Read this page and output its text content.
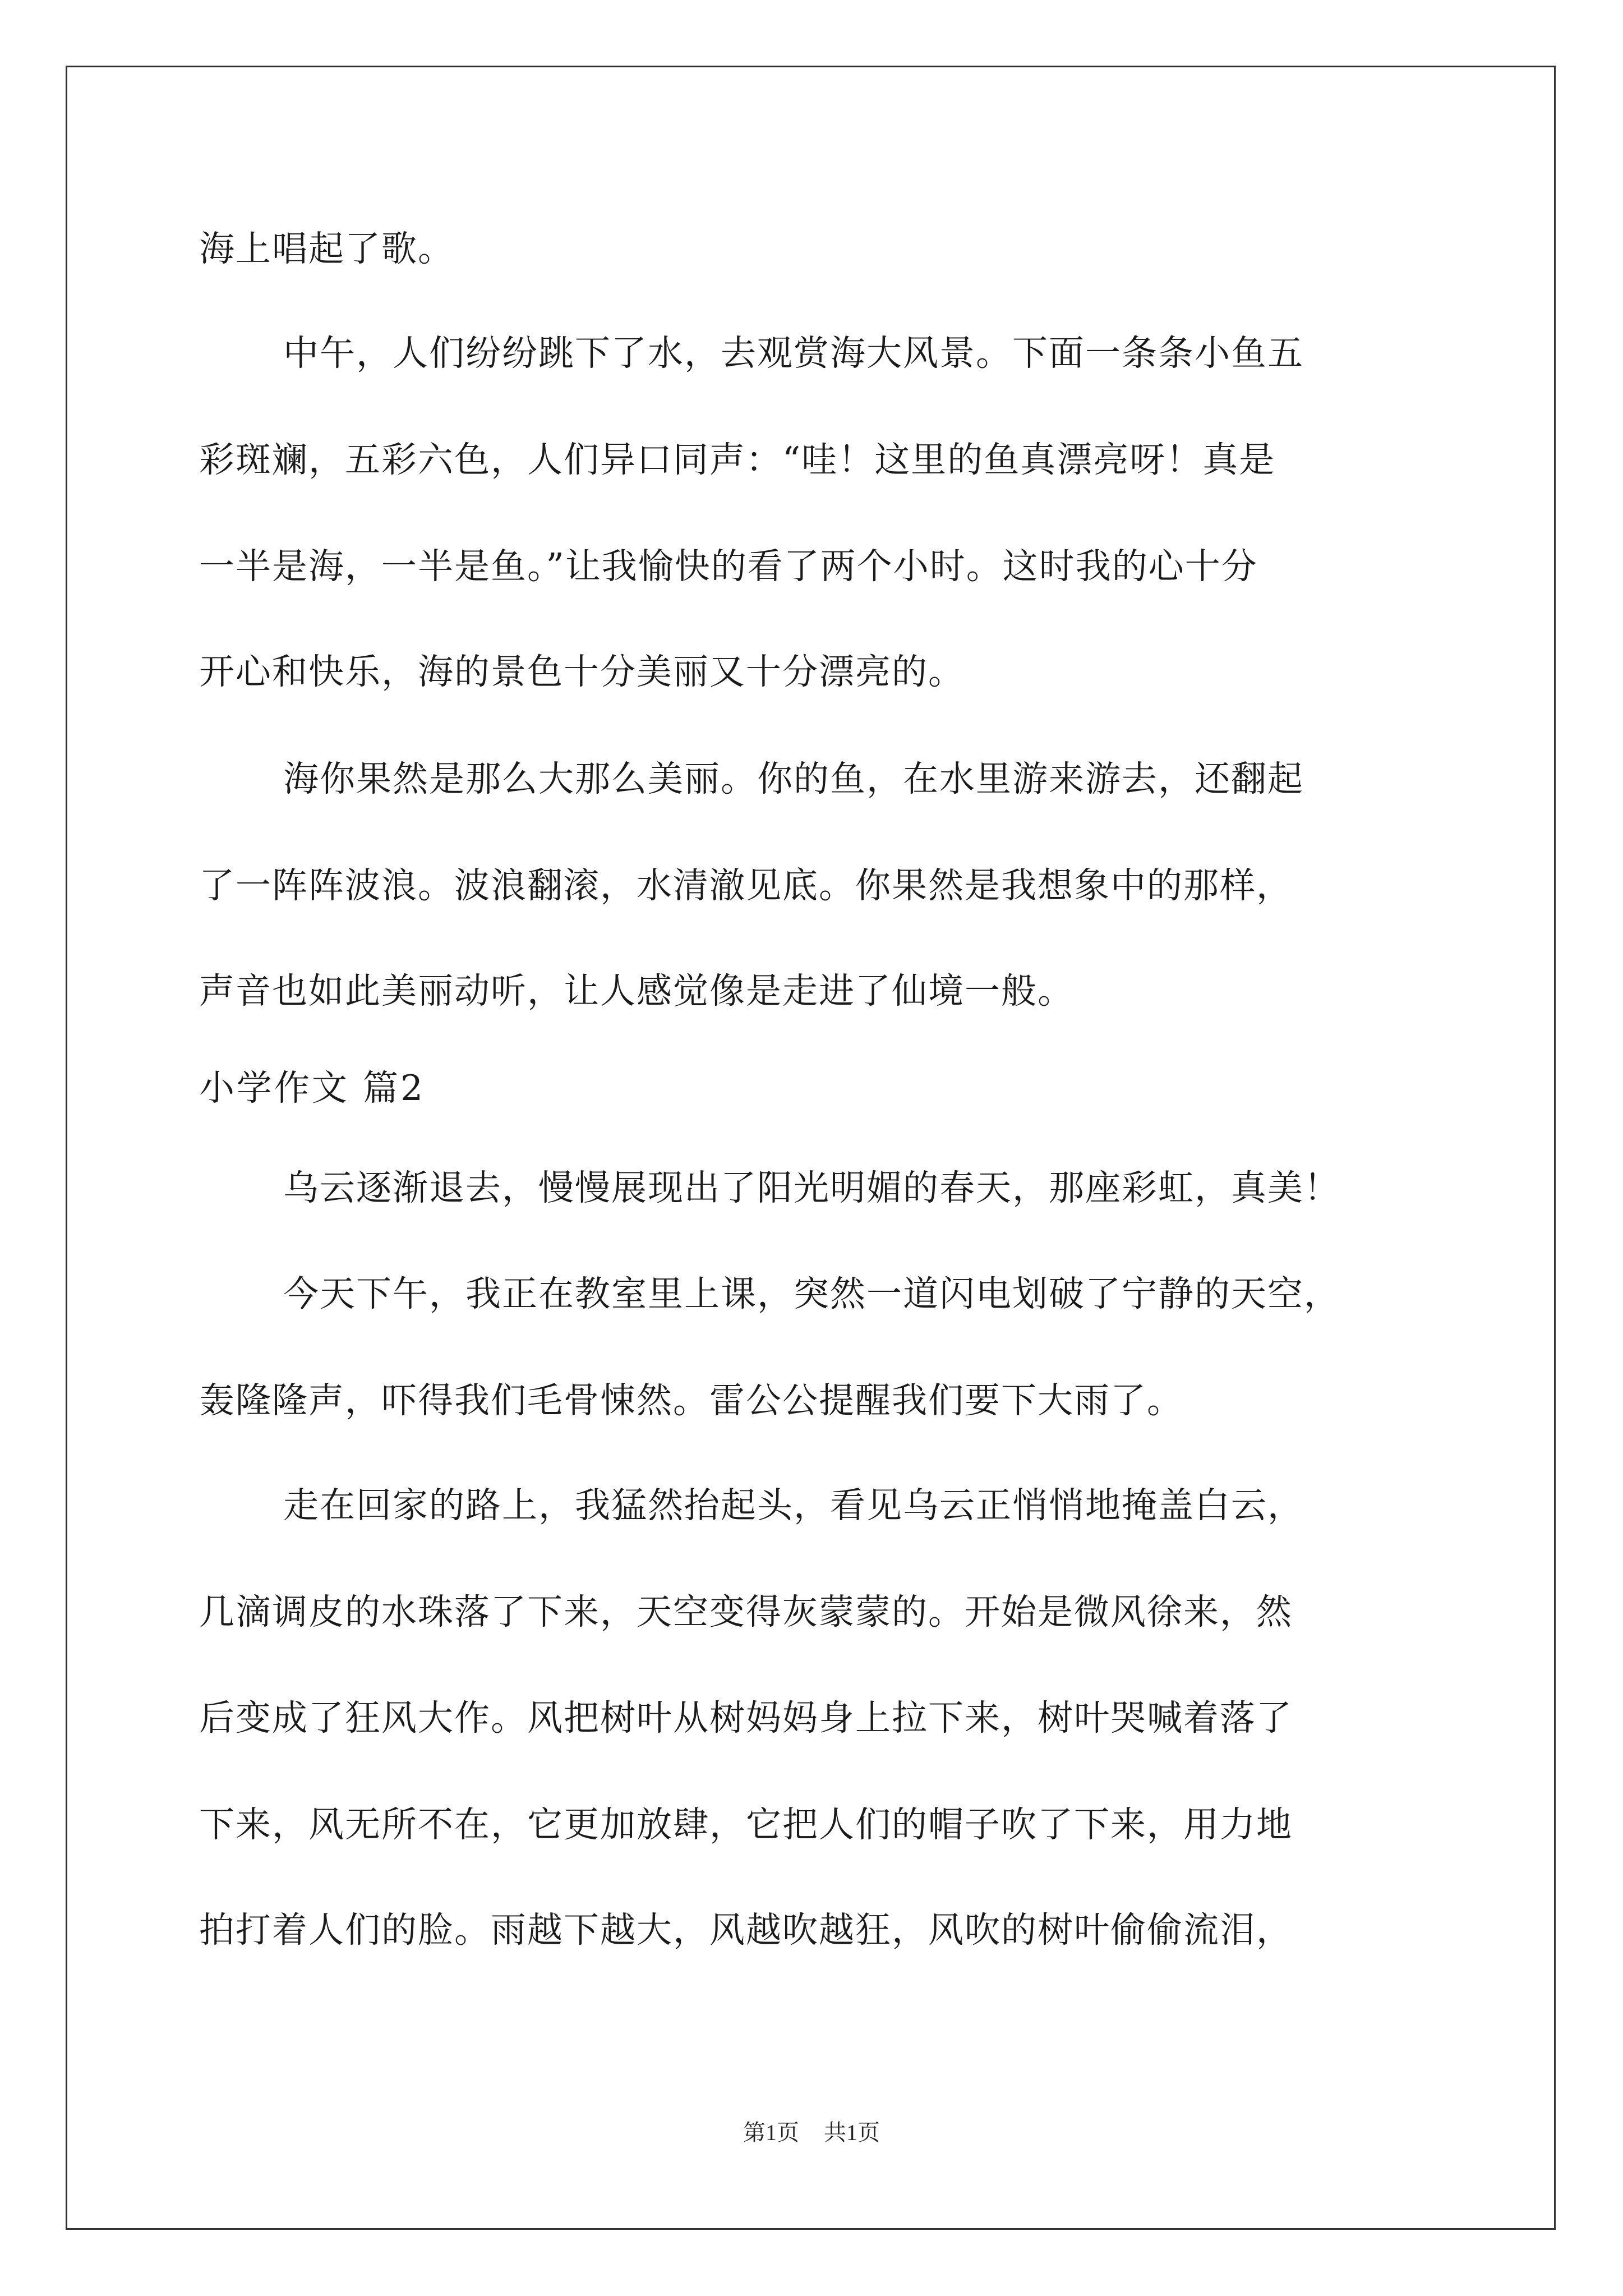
海上唱起了歌。
中午，人们纷纷跳下了水，去观赏海大风景。下面一条条小鱼五
彩斑斓，五彩六色，人们异口同声：“哇！这里的鱼真漂亮呀！真是
一半是海，一半是鱼。”让我愉快的看了两个小时。这时我的心十分
开心和快乐，海的景色十分美丽又十分漂亮的。
海你果然是那么大那么美丽。你的鱼，在水里游来游去，还翻起
了一阵阵波浪。波浪翻滚，水清澈见底。你果然是我想象中的那样，
声音也如此美丽动听，让人感觉像是走进了仙境一般。
小学作文 篇2
乌云逐渐退去，慢慢展现出了阳光明媚的春天，那座彩虹，真美！
今天下午，我正在教室里上课，突然一道闪电划破了宁静的天空，
轰隆隆声，吓得我们毛骨悚然。雷公公提醒我们要下大雨了。
走在回家的路上，我猛然抬起头，看见乌云正悄悄地掩盖白云，
几滴调皮的水珠落了下来，天空变得灰蒙蒙的。开始是微风徐来，然
后变成了狂风大作。风把树叶从树妈妈身上拉下来，树叶哭喊着落了
下来，风无所不在，它更加放肆，它把人们的帽子吹了下来，用力地
拍打着人们的脸。雨越下越大，风越吹越狂，风吹的树叶偷偷流泪，
第1页 共1页
